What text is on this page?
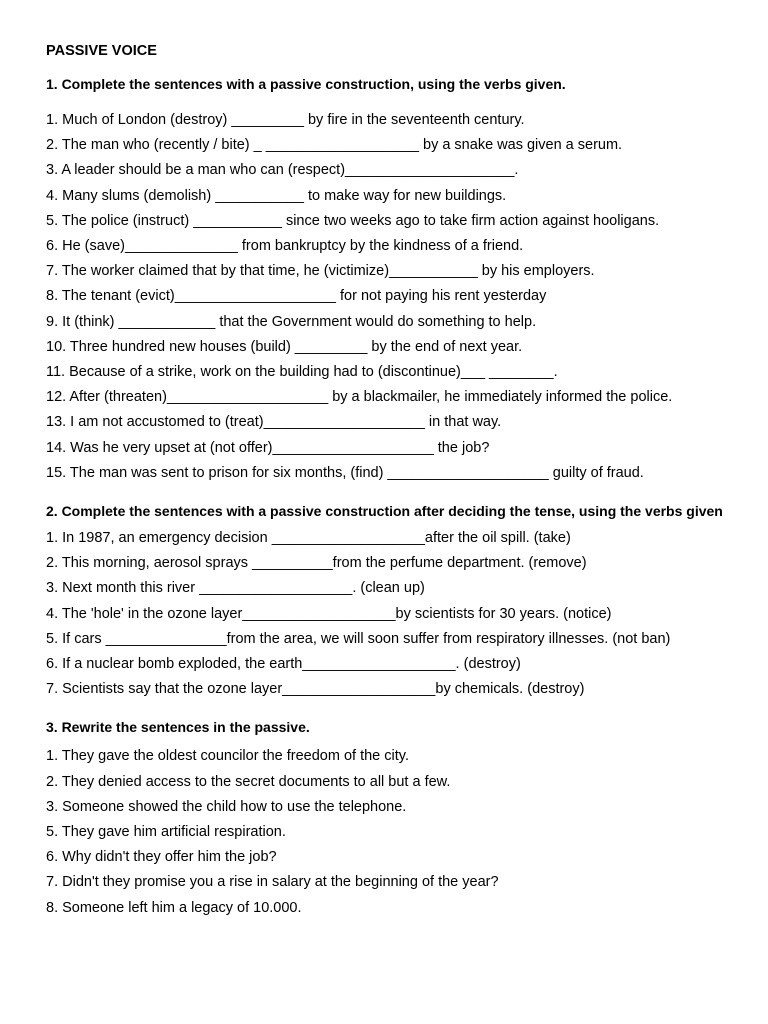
PASSIVE VOICE
1. Complete the sentences with a passive construction, using the verbs given.
1. Much of London (destroy) _________ by fire in the seventeenth century.
2. The man who (recently / bite) _ ___________________ by a snake was given a serum.
3. A leader should be a man who can (respect)_____________________.
4. Many slums (demolish) ___________ to make way for new buildings.
5. The police (instruct) ___________ since two weeks ago to take firm action against hooligans.
6. He (save)______________ from bankruptcy by the kindness of a friend.
7. The worker claimed that by that time, he (victimize)___________ by his employers.
8. The tenant (evict)____________________ for not paying his rent yesterday
9. It (think) ____________ that the Government would do something to help.
10. Three hundred new houses (build) _________ by the end of next year.
11. Because of a strike, work on the building had to (discontinue)___ ________.
12. After (threaten)____________________ by a blackmailer, he immediately informed the police.
13. I am not accustomed to (treat)____________________ in that way.
14. Was he very upset at (not offer)____________________ the job?
15. The man was sent to prison for six months, (find) ____________________ guilty of fraud.
2. Complete the sentences with a passive construction after deciding the tense, using the verbs given
1. In 1987, an emergency decision ___________________after the oil spill. (take)
2. This morning, aerosol sprays __________from the perfume department. (remove)
3. Next month this river ___________________. (clean up)
4. The 'hole' in the ozone layer___________________by scientists for 30 years. (notice)
5. If cars _______________from the area, we will soon suffer from respiratory illnesses. (not ban)
6. If a nuclear bomb exploded, the earth___________________. (destroy)
7. Scientists say that the ozone layer___________________by chemicals. (destroy)
3. Rewrite the sentences in the passive.
1. They gave the oldest councilor the freedom of the city.
2. They denied access to the secret documents to all but a few.
3. Someone showed the child how to use the telephone.
5. They gave him artificial respiration.
6. Why didn't they offer him the job?
7. Didn't they promise you a rise in salary at the beginning of the year?
8. Someone left him a legacy of 10.000.
